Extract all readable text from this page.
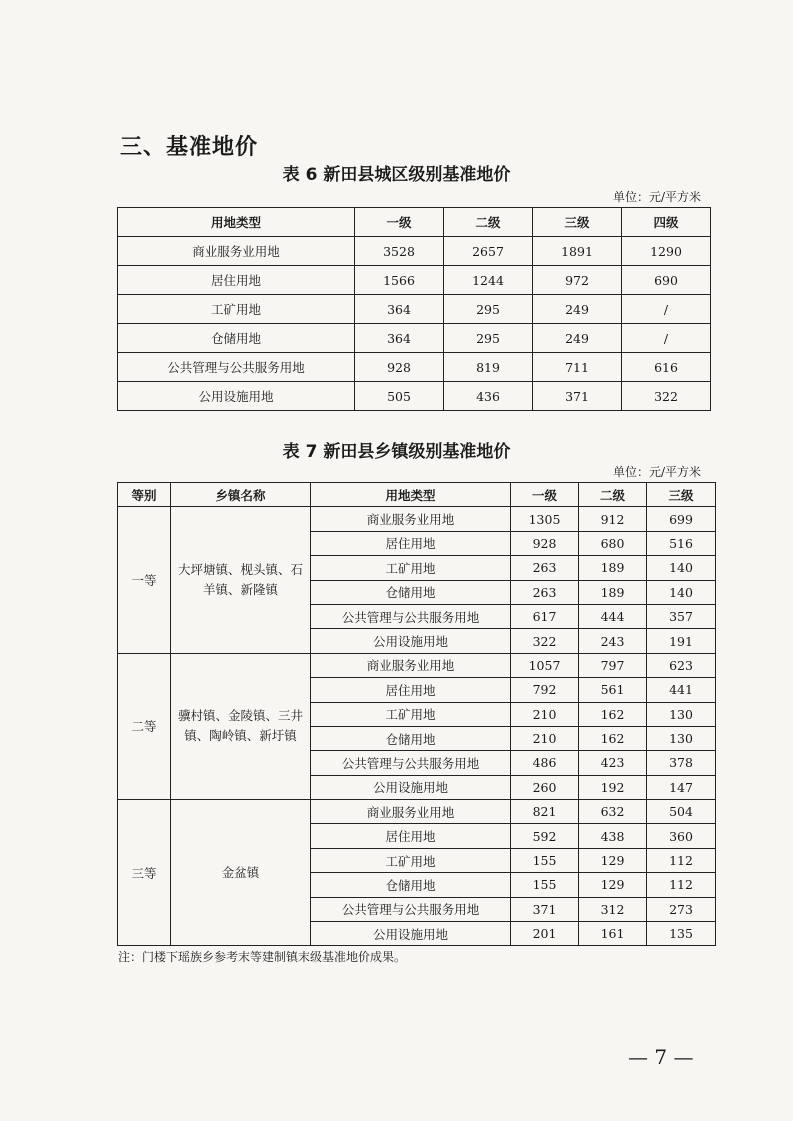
三、基准地价
表 6 新田县城区级别基准地价
单位：元/平方米
用地类型	一级	二级	三级	四级
商业服务业用地	3528	2657	1891	1290
居住用地	1566	1244	972	690
工矿用地	364	295	249	/
仓储用地	364	295	249	/
公共管理与公共服务用地	928	819	711	616
公用设施用地	505	436	371	322
表 7 新田县乡镇级别基准地价
单位：元/平方米
等别	乡镇名称	用地类型	一级	二级	三级
一等	大坪塘镇、枧头镇、石羊镇、新隆镇	商业服务业用地	1305	912	699
		居住用地	928	680	516
		工矿用地	263	189	140
		仓储用地	263	189	140
		公共管理与公共服务用地	617	444	357
		公用设施用地	322	243	191
二等	骥村镇、金陵镇、三井镇、陶岭镇、新圩镇	商业服务业用地	1057	797	623
		居住用地	792	561	441
		工矿用地	210	162	130
		仓储用地	210	162	130
		公共管理与公共服务用地	486	423	378
		公用设施用地	260	192	147
三等	金盆镇	商业服务业用地	821	632	504
		居住用地	592	438	360
		工矿用地	155	129	112
		仓储用地	155	129	112
		公共管理与公共服务用地	371	312	273
		公用设施用地	201	161	135
注：门楼下瑶族乡参考末等建制镇末级基准地价成果。
— 7 —
